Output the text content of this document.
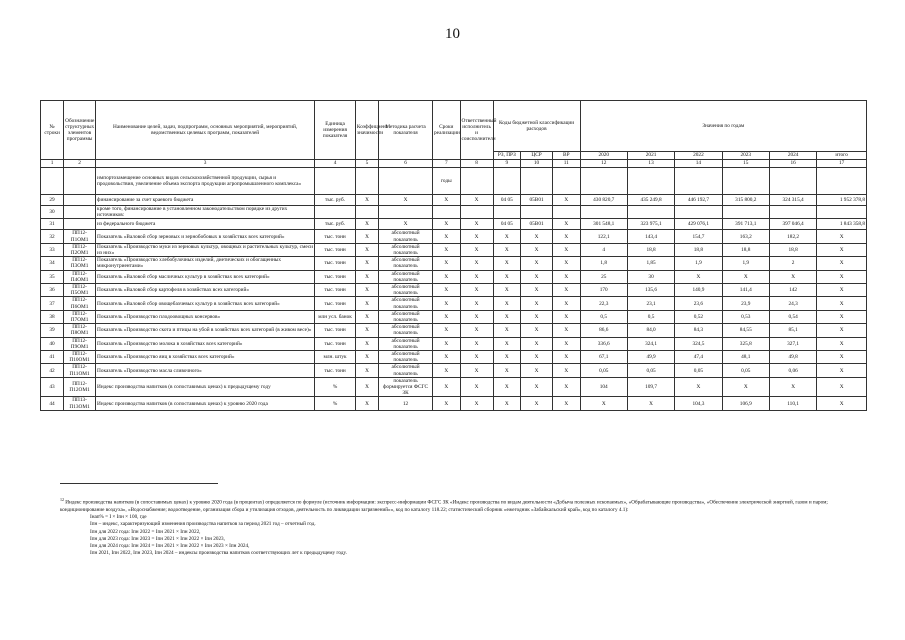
10
№ строки	Обозначение структурных элементов программы	Наименование целей, задач, подпрограмм, основных мероприятий, мероприятий, ведомственных целевых программ, показателей	Единица измерения показателя	Коэффициент значимости	Методика расчета показателя	Сроки реализации	Ответственный исполнитель и соисполнители	Коды бюджетной классификации расходов			Значения по годам					
								РЗ, ПРЗ	ЦСР	ВР	2020	2021	2022	2023	2024	итого
1	2	3	4	5	6	7	8	9	10	11	12	13	14	15	16	17
		импортозамещение основных видов сельскохозяйственной продукции, сырья и продовольствия, увеличение объема экспорта продукции агропромышленного комплекса»				годы										
29		финансирование за счет краевого бюджета	тыс. руб.	X	X	X	X	04 05	05В01	X	430 820,7	435 249,8	446 192,7	315 800,2	324 315,4	1 952 378,8
30		кроме того, финансирование в установленном законодательством порядке из других источников:														
31		из федерального бюджета	тыс. руб.	X	X	X	X	04 05	05В01	X	301 548,1	323 975,1	429 076,1	391 713,1	397 046,4	1 843 358,8
32	ПП12-П1ОМ1	Показатель «Валовой сбор зерновых и зернобобовых в хозяйствах всех категорий»	тыс. тонн	X	абсолютный показатель	X	X	X	X	X	122,1	143,4	154,7	163,2	182,2	X
33	ПП12-П2ОМ1	Показатель «Производство муки из зерновых культур, овощных и растительных культур, смеси из них»	тыс. тонн	X	абсолютный показатель	X	X	X	X	X	4	18,8	18,8	18,8	18,8	X
34	ПП12-П3ОМ1	Показатель «Производство хлебобулочных изделий, диетических и обогащенных микронутриентами»	тыс. тонн	X	абсолютный показатель	X	X	X	X	X	1,8	1,85	1,9	1,9	2	X
35	ПП12-П4ОМ1	Показатель «Валовой сбор масличных культур в хозяйствах всех категорий»	тыс. тонн	X	абсолютный показатель	X	X	X	X	X	25	30	X	X	X	X
36	ПП12-П5ОМ1	Показатель «Валовой сбор картофеля в хозяйствах всех категорий»	тыс. тонн	X	абсолютный показатель	X	X	X	X	X	170	135,6	140,9	141,4	142	X
37	ПП12-П6ОМ1	Показатель «Валовой сбор овощебахчевых культур в хозяйствах всех категорий»	тыс. тонн	X	абсолютный показатель	X	X	X	X	X	22,3	23,1	23,6	23,9	24,3	X
38	ПП12-П7ОМ1	Показатель «Производство плодоовощных консервов»	млн усл. банок	X	абсолютный показатель	X	X	X	X	X	0,5	0,5	0,52	0,53	0,54	X
39	ПП12-П8ОМ1	Показатель «Производство скота и птицы на убой в хозяйствах всех категорий (в живом весе)»	тыс. тонн	X	абсолютный показатель	X	X	X	X	X	86,6	84,0	84,3	84,55	85,1	X
40	ПП12-П9ОМ1	Показатель «Производство молока в хозяйствах всех категорий»	тыс. тонн	X	абсолютный показатель	X	X	X	X	X	336,6	324,1	324,5	325,8	327,1	X
41	ПП12-П10ОМ1	Показатель «Производство яиц в хозяйствах всех категорий»	млн. штук	X	абсолютный показатель	X	X	X	X	X	67,1	49,9	47,4	48,1	49,8	X
42	ПП12-П11ОМ1	Показатель «Производство масла сливочного»	тыс. тонн	X	абсолютный показатель	X	X	X	X	X	0,05	0,05	0,05	0,05	0,06	X
43	ПП12-П12ОМ1	Индекс производства напитков (в сопоставимых ценах) к предыдущему году	%	X	показатель формируется ФСГС ЗК	X	X	X	X	X	104	109,7	X	X	X	X
44	ПП13-П13ОМ1	Индекс производства напитков (в сопоставимых ценах) к уровню 2020 года	%	X	12	X	X	X	X	X	X	X	104,3	106,9	110,1	X

$^{12}$ Индекс производства напитков (в сопоставимых ценах) к уровню 2020 года (в процентах) определяется по формуле (источник информации: экспресс-информации ФСГС ЗК «Индекс производства по видам деятельности «Добыча полезных ископаемых», «Обрабатывающие производства», «Обеспечение электрической энергией, газом и паром; кондиционирование воздуха», «Водоснабжение; водоотведение, организация сбора и утилизация отходов, деятельность по ликвидации загрязнений»», код по каталогу 118.22; статистический сборник «ежегодник «Забайкальский край», код по каталогу 4.1):

Iнап% = I × Iпн × 100, где

Iпн – индекс, характеризующий изменения производства напитков за период 2021 год – отчетный год.

Iпн для 2022 года: Iпн 2022 = Iпн 2021 × Iпн 2022,

Iпн для 2023 года: Iпн 2023 = Iпн 2021 × Iпн 2022 × Iпн 2023,

Iпн для 2024 года: Iпн 2024 = Iпн 2021 × Iпн 2022 × Iпн 2023 × Iпн 2024,

Iпн 2021, Iпн 2022, Iпн 2023, Iпн 2024 – индексы производства напитков соответствующих лет к предыдущему году.
